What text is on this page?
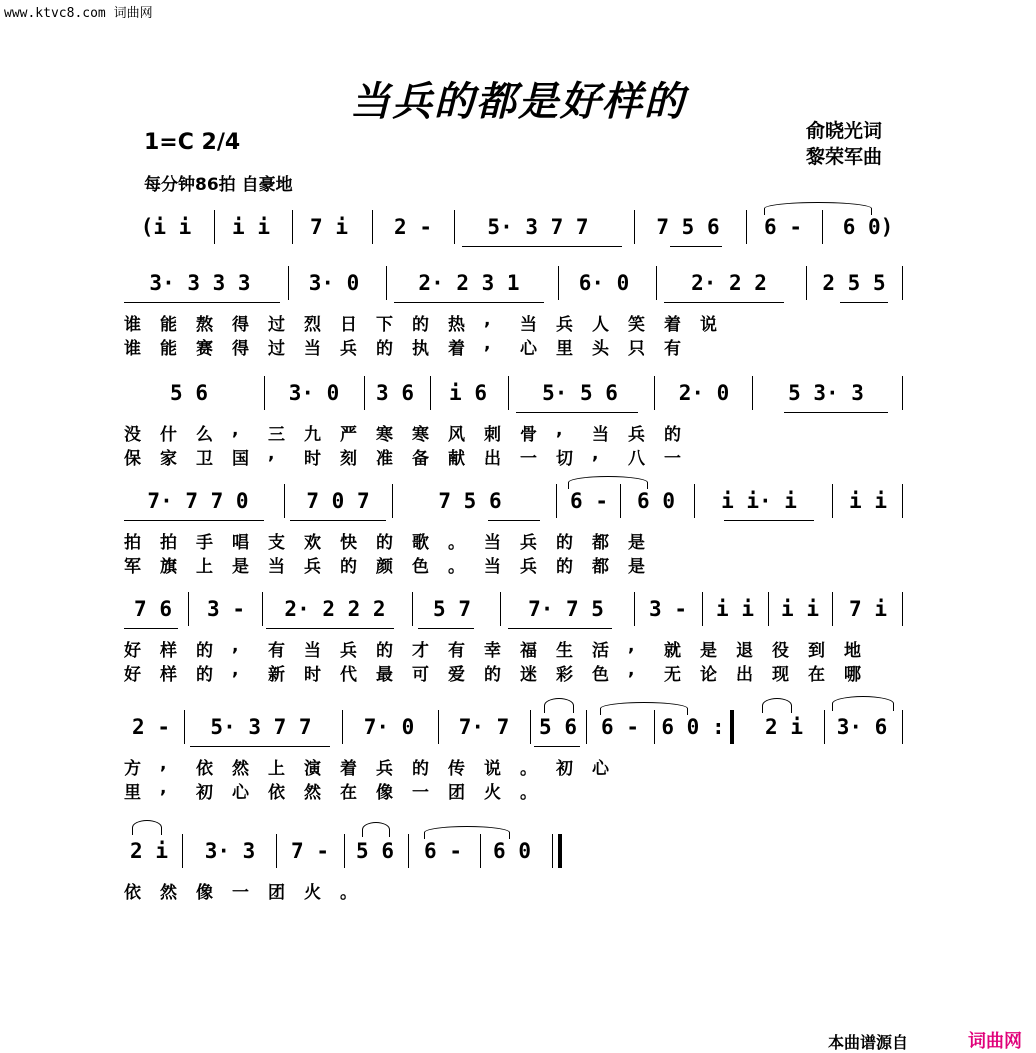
www.ktvc8.com 词曲网
当兵的都是好样的
俞晓光词
黎荣军曲
1=C 2/4
每分钟86拍 自豪地
(i i	i i	7 i	2 -	5· 3 7 7	7 5 6	6 -	6 0)
3· 3 3 3	3· 0	2· 2 3 1	6· 0	2· 2 2	2 5 5
谁 能 熬 得 过 烈 日 下 的 热 , 当 兵 人 笑 着 说
谁 能 赛 得 过 当 兵 的 执 着 , 心 里 头 只 有
5 6	3· 0	3 6	i 6	5· 5 6	2· 0	5 3· 3
没 什 么 , 三 九 严 寒 寒 风 刺 骨 , 当 兵 的
保 家 卫 国 , 时 刻 准 备 献 出 一 切 , 八 一
7· 7 7 0	7 0 7	7 5 6	6 -	6 0	i i· i	i i
拍 拍 手 唱 支 欢 快 的 歌 。 当 兵 的 都 是
军 旗 上 是 当 兵 的 颜 色 。 当 兵 的 都 是
7 6	3 -	2· 2 2 2	5 7	7· 7 5	3 -	i i	i i	7 i
好 样 的 , 有 当 兵 的 才 有 幸 福 生 活 , 就 是 退 役 到 地
好 样 的 , 新 时 代 最 可 爱 的 迷 彩 色 , 无 论 出 现 在 哪
2 -	5· 3 7 7	7· 0	7· 7	5 6	6 -	6 0 :	2 i	3· 6
方 , 依 然 上 演 着 兵 的 传 说 。 初 心
里 , 初 心 依 然 在 像 一 团 火 。
2 i	3· 3	7 -	5 6	6 -	6 0
依 然 像 一 团 火 。
本曲谱源自	词曲网
